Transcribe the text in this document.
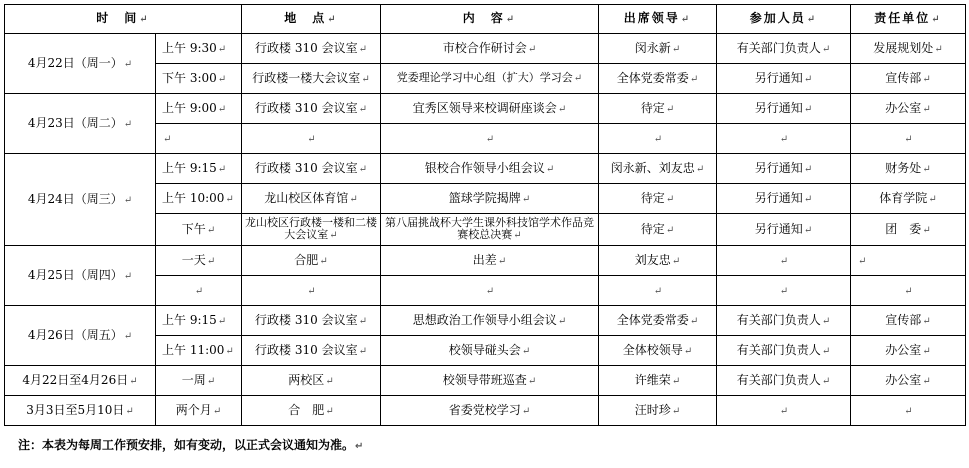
时　间↵		地　点↵	内　容↵	出席领导↵	参加人员↵	责任单位↵
4月22日（周一）↵	上午 9:30↵	行政楼 310 会议室↵	市校合作研讨会↵	闵永新↵	有关部门负责人↵	发展规划处↵
	下午 3:00↵	行政楼一楼大会议室↵	党委理论学习中心组（扩大）学习会↵	全体党委常委↵	另行通知↵	宣传部↵
4月23日（周二）↵	上午 9:00↵	行政楼 310 会议室↵	宜秀区领导来校调研座谈会↵	待定↵	另行通知↵	办公室↵
	↵	↵	↵	↵	↵	↵
4月24日（周三）↵	上午 9:15↵	行政楼 310 会议室↵	银校合作领导小组会议↵	闵永新、刘友忠↵	另行通知↵	财务处↵
	上午 10:00↵	龙山校区体育馆↵	篮球学院揭牌↵	待定↵	另行通知↵	体育学院↵
	下午↵	龙山校区行政楼一楼和二楼大会议室↵	第八届挑战杯大学生课外科技馆学术作品竞赛校总决赛↵	待定↵	另行通知↵	团　委↵
4月25日（周四）↵	一天↵	合肥↵	出差↵	刘友忠↵	↵	↵
	↵	↵	↵	↵	↵	↵
4月26日（周五）↵	上午 9:15↵	行政楼 310 会议室↵	思想政治工作领导小组会议↵	全体党委常委↵	有关部门负责人↵	宣传部↵
	上午 11:00↵	行政楼 310 会议室↵	校领导碰头会↵	全体校领导↵	有关部门负责人↵	办公室↵
4月22日至4月26日↵	一周↵	两校区↵	校领导带班巡查↵	许维荣↵	有关部门负责人↵	办公室↵
3月3日至5月10日↵	两个月↵	合　肥↵	省委党校学习↵	汪时珍↵	↵	↵
注：本表为每周工作预安排，如有变动，以正式会议通知为准。↵
